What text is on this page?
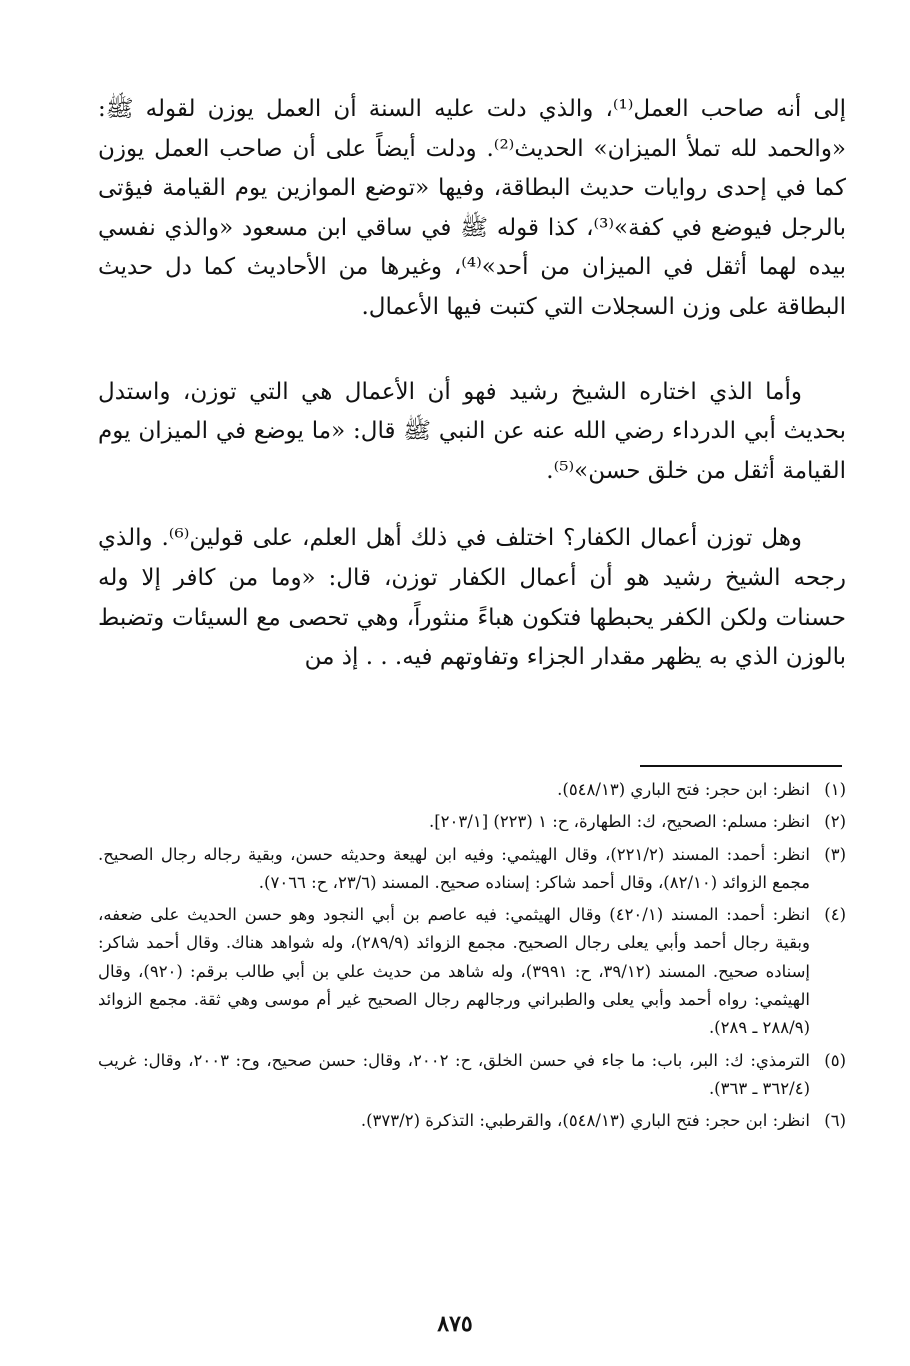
إلى أنه صاحب العمل⁽¹⁾، والذي دلت عليه السنة أن العمل يوزن لقوله ﷺ: «والحمد لله تملأ الميزان» الحديث⁽²⁾. ودلت أيضاً على أن صاحب العمل يوزن كما في إحدى روايات حديث البطاقة، وفيها «توضع الموازين يوم القيامة فيؤتى بالرجل فيوضع في كفة»⁽³⁾، كذا قوله ﷺ في ساقي ابن مسعود «والذي نفسي بيده لهما أثقل في الميزان من أحد»⁽⁴⁾، وغيرها من الأحاديث كما دل حديث البطاقة على وزن السجلات التي كتبت فيها الأعمال.

وأما الذي اختاره الشيخ رشيد فهو أن الأعمال هي التي توزن، واستدل بحديث أبي الدرداء رضي الله عنه عن النبي ﷺ قال: «ما يوضع في الميزان يوم القيامة أثقل من خلق حسن»⁽⁵⁾.

وهل توزن أعمال الكفار؟ اختلف في ذلك أهل العلم، على قولين⁽⁶⁾. والذي رجحه الشيخ رشيد هو أن أعمال الكفار توزن، قال: «وما من كافر إلا وله حسنات ولكن الكفر يحبطها فتكون هباءً منثوراً، وهي تحصى مع السيئات وتضبط بالوزن الذي به يظهر مقدار الجزاء وتفاوتهم فيه. . . إذ من

(١)
انظر: ابن حجر: فتح الباري (٥٤٨/١٣).
(٢)
انظر: مسلم: الصحيح، ك: الطهارة، ح: ١ (٢٢٣) [٢٠٣/١].
(٣)
انظر: أحمد: المسند (٢٢١/٢)، وقال الهيثمي: وفيه ابن لهيعة وحديثه حسن، وبقية رجاله رجال الصحيح. مجمع الزوائد (٨٢/١٠)، وقال أحمد شاكر: إسناده صحيح. المسند (٢٣/٦، ح: ٧٠٦٦).
(٤)
انظر: أحمد: المسند (٤٢٠/١) وقال الهيثمي: فيه عاصم بن أبي النجود وهو حسن الحديث على ضعفه، وبقية رجال أحمد وأبي يعلى رجال الصحيح. مجمع الزوائد (٢٨٩/٩)، وله شواهد هناك. وقال أحمد شاكر: إسناده صحيح. المسند (٣٩/١٢، ح: ٣٩٩١)، وله شاهد من حديث علي بن أبي طالب برقم: (٩٢٠)، وقال الهيثمي: رواه أحمد وأبي يعلى والطبراني ورجالهم رجال الصحيح غير أم موسى وهي ثقة. مجمع الزوائد (٢٨٨/٩ ـ ٢٨٩).
(٥)
الترمذي: ك: البر، باب: ما جاء في حسن الخلق، ح: ٢٠٠٢، وقال: حسن صحيح، وح: ٢٠٠٣، وقال: غريب (٣٦٢/٤ ـ ٣٦٣).
(٦)
انظر: ابن حجر: فتح الباري (٥٤٨/١٣)، والقرطبي: التذكرة (٣٧٣/٢).
٨٧٥
